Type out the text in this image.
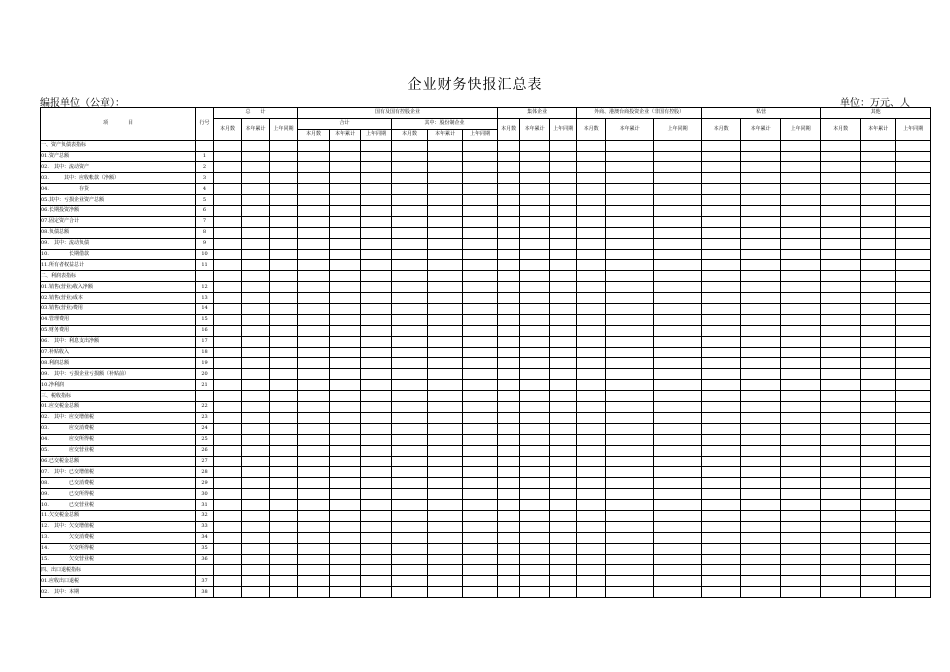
企业财务快报汇总表
编报单位（公章）：	单位：万元、人
项　　　　目	行号	总　　计			国有及国有控股企业						集体企业			外商、港澳台商投资企业（非国有控股）			私营			其他		
		本月数	本年累计	上年同期	合计			其中：股份制企业			本月数	本年累计	上年同期	本月数	本年累计	上年同期	本月数	本年累计	上年同期	本月数	本年累计	上年同期
					本月数	本年累计	上年同期	本月数	本年累计	上年同期												
一、资产负债表指标																						
01.资产总额	1																					
02.　其中：流动资产	2																					
03.　　　其中：应收帐款（净额）	3																					
04.　　　　　　存货	4																					
05.其中：亏损企业资产总额	5																					
06.长期投资净额	6																					
07.固定资产合计	7																					
08.负债总额	8																					
09.　其中：流动负债	9																					
10.　　　　长期借款	10																					
11.所有者权益总计	11																					
二、利润表指标																						
01.销售(营业)收入净额	12																					
02.销售(营业)成本	13																					
03.销售(营业)费用	14																					
04.管理费用	15																					
05.财务费用	16																					
06.　其中：利息支出净额	17																					
07.补贴收入	18																					
08.利润总额	19																					
09.　其中：亏损企业亏损额（补贴前）	20																					
10.净利润	21																					
三、税收指标																						
01.应交税金总额	22																					
02.　其中：应交增值税	23																					
03.　　　　应交消费税	24																					
04.　　　　应交所得税	25																					
05.　　　　应交营业税	26																					
06.已交税金总额	27																					
07.　其中：已交增值税	28																					
08.　　　　已交消费税	29																					
09.　　　　已交所得税	30																					
10.　　　　已交营业税	31																					
11.欠交税金总额	32																					
12.　其中：欠交增值税	33																					
13.　　　　欠交消费税	34																					
14.　　　　欠交所得税	35																					
15.　　　　欠交营业税	36																					
四、出口退税指标																						
01.应收出口退税	37																					
02.　其中：本期	38																					
